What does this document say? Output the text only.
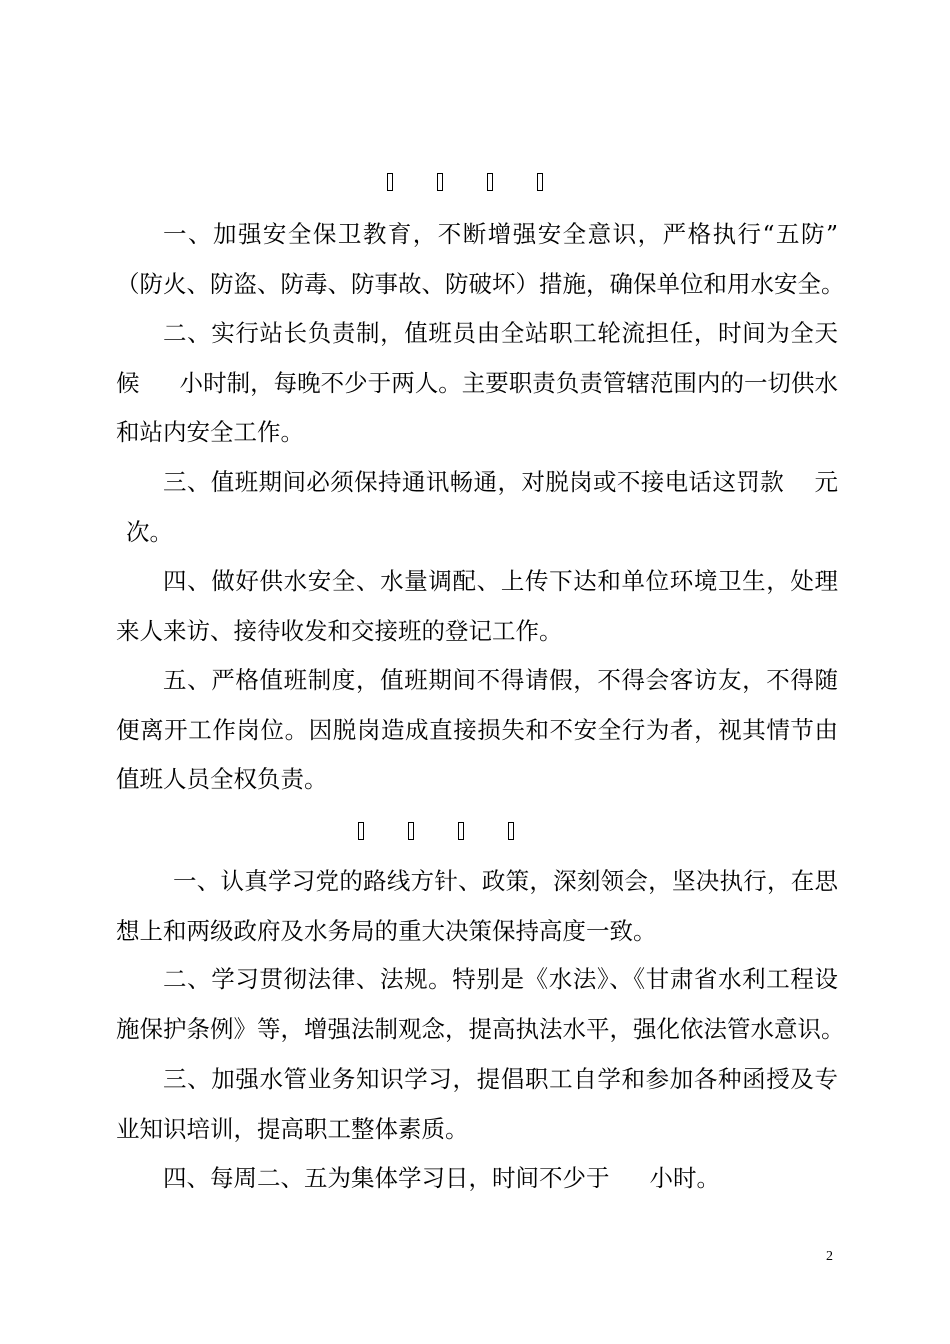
一、加强安全保卫教育，不断增强安全意识，严格执行“五防”
（防火、防盗、防毒、防事故、防破坏）措施，确保单位和用水安全。

二、实行站长负责制，值班员由全站职工轮流担任，时间为全天
候 小时制，每晚不少于两人。主要职责负责管辖范围内的一切供水
和站内安全工作。

三、值班期间必须保持通讯畅通，对脱岗或不接电话这罚款 元
次。

四、做好供水安全、水量调配、上传下达和单位环境卫生，处理
来人来访、接待收发和交接班的登记工作。

五、严格值班制度，值班期间不得请假，不得会客访友，不得随
便离开工作岗位。因脱岗造成直接损失和不安全行为者，视其情节由
值班人员全权负责。

一、认真学习党的路线方针、政策，深刻领会，坚决执行，在思
想上和两级政府及水务局的重大决策保持高度一致。

二、学习贯彻法律、法规。特别是《水法》、《甘肃省水利工程设
施保护条例》等，增强法制观念，提高执法水平，强化依法管水意识。

三、加强水管业务知识学习，提倡职工自学和参加各种函授及专
业知识培训，提高职工整体素质。

四、每周二、五为集体学习日，时间不少于 小时。

2
